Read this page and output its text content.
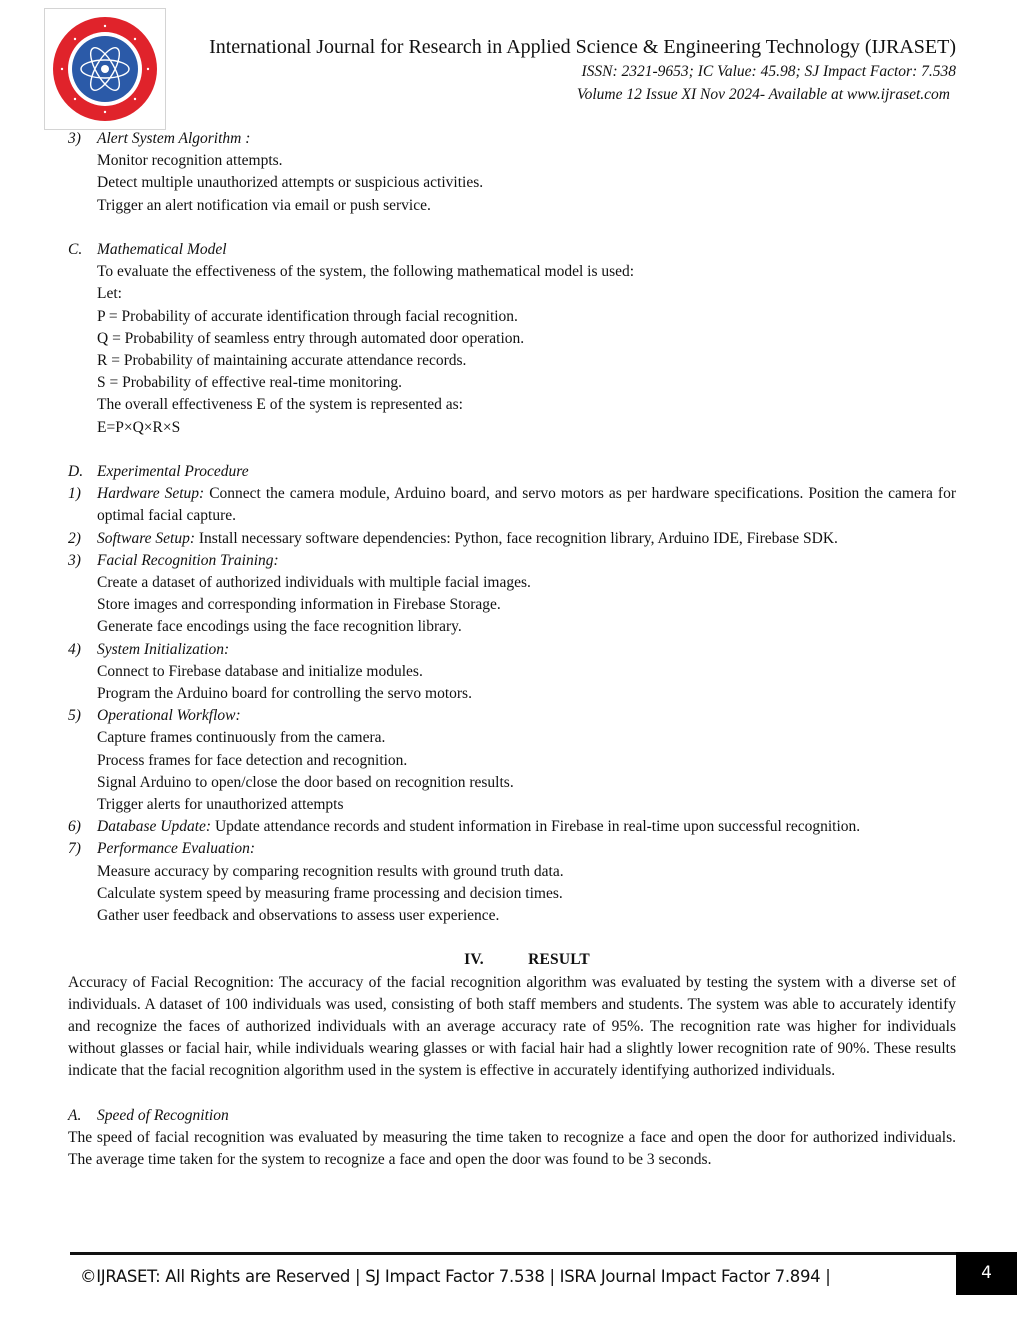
International Journal for Research in Applied Science & Engineering Technology (IJRASET)
ISSN: 2321-9653; IC Value: 45.98; SJ Impact Factor: 7.538
Volume 12 Issue XI Nov 2024- Available at www.ijraset.com
3)	Alert System Algorithm :
Monitor recognition attempts.
Detect multiple unauthorized attempts or suspicious activities.
Trigger an alert notification via email or push service.
C. Mathematical Model
To evaluate the effectiveness of the system, the following mathematical model is used:
Let:
P = Probability of accurate identification through facial recognition.
Q = Probability of seamless entry through automated door operation.
R = Probability of maintaining accurate attendance records.
S = Probability of effective real-time monitoring.
The overall effectiveness E of the system is represented as:
E=P×Q×R×S
D. Experimental Procedure
1)	Hardware Setup: Connect the camera module, Arduino board, and servo motors as per hardware specifications. Position the camera for optimal facial capture.
2)	Software Setup: Install necessary software dependencies: Python, face recognition library, Arduino IDE, Firebase SDK.
3)	Facial Recognition Training:
Create a dataset of authorized individuals with multiple facial images.
Store images and corresponding information in Firebase Storage.
Generate face encodings using the face recognition library.
4)	System Initialization:
Connect to Firebase database and initialize modules.
Program the Arduino board for controlling the servo motors.
5)	Operational Workflow:
Capture frames continuously from the camera.
Process frames for face detection and recognition.
Signal Arduino to open/close the door based on recognition results.
Trigger alerts for unauthorized attempts
6)	Database Update: Update attendance records and student information in Firebase in real-time upon successful recognition.
7)	Performance Evaluation:
Measure accuracy by comparing recognition results with ground truth data.
Calculate system speed by measuring frame processing and decision times.
Gather user feedback and observations to assess user experience.
IV.	RESULT
Accuracy of Facial Recognition: The accuracy of the facial recognition algorithm was evaluated by testing the system with a diverse set of individuals. A dataset of 100 individuals was used, consisting of both staff members and students. The system was able to accurately identify and recognize the faces of authorized individuals with an average accuracy rate of 95%. The recognition rate was higher for individuals without glasses or facial hair, while individuals wearing glasses or with facial hair had a slightly lower recognition rate of 90%. These results indicate that the facial recognition algorithm used in the system is effective in accurately identifying authorized individuals.
A.	Speed of Recognition
The speed of facial recognition was evaluated by measuring the time taken to recognize a face and open the door for authorized individuals. The average time taken for the system to recognize a face and open the door was found to be 3 seconds.
©IJRASET: All Rights are Reserved | SJ Impact Factor 7.538 | ISRA Journal Impact Factor 7.894 |	4
